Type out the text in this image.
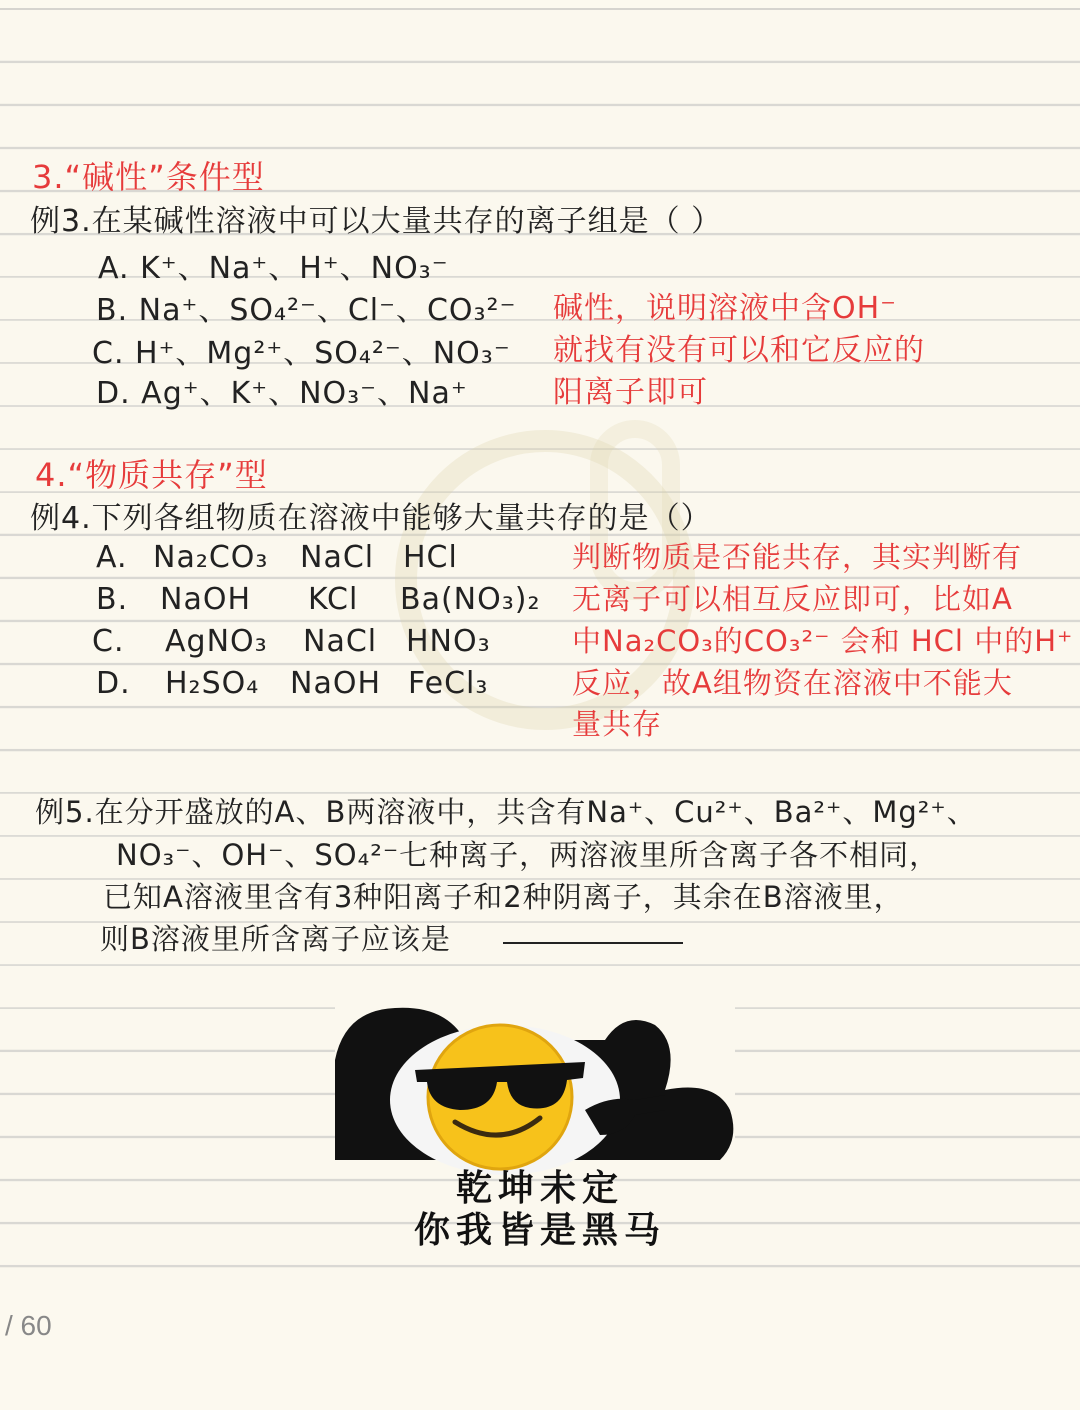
3.“碱性”条件型
例3.在某碱性溶液中可以大量共存的离子组是（ ）
A. K⁺、Na⁺、H⁺、NO₃⁻
B. Na⁺、SO₄²⁻、Cl⁻、CO₃²⁻
C. H⁺、Mg²⁺、SO₄²⁻、NO₃⁻
D. Ag⁺、K⁺、NO₃⁻、Na⁺
碱性，说明溶液中含OH⁻
就找有没有可以和它反应的
阳离子即可
4.“物质共存”型
例4.下列各组物质在溶液中能够大量共存的是（）
A. Na₂CO₃ NaCl HCl
B. NaOH KCl Ba(NO₃)₂
C. AgNO₃ NaCl HNO₃
D. H₂SO₄ NaOH FeCl₃
判断物质是否能共存，其实判断有
无离子可以相互反应即可，比如A
中Na₂CO₃的CO₃²⁻ 会和 HCl 中的H⁺
反应，故A组物资在溶液中不能大
量共存
例5.在分开盛放的A、B两溶液中，共含有Na⁺、Cu²⁺、Ba²⁺、Mg²⁺、
NO₃⁻、OH⁻、SO₄²⁻七种离子，两溶液里所含离子各不相同，
已知A溶液里含有3种阳离子和2种阴离子，其余在B溶液里，
则B溶液里所含离子应该是
乾坤未定
你我皆是黑马
/ 60
